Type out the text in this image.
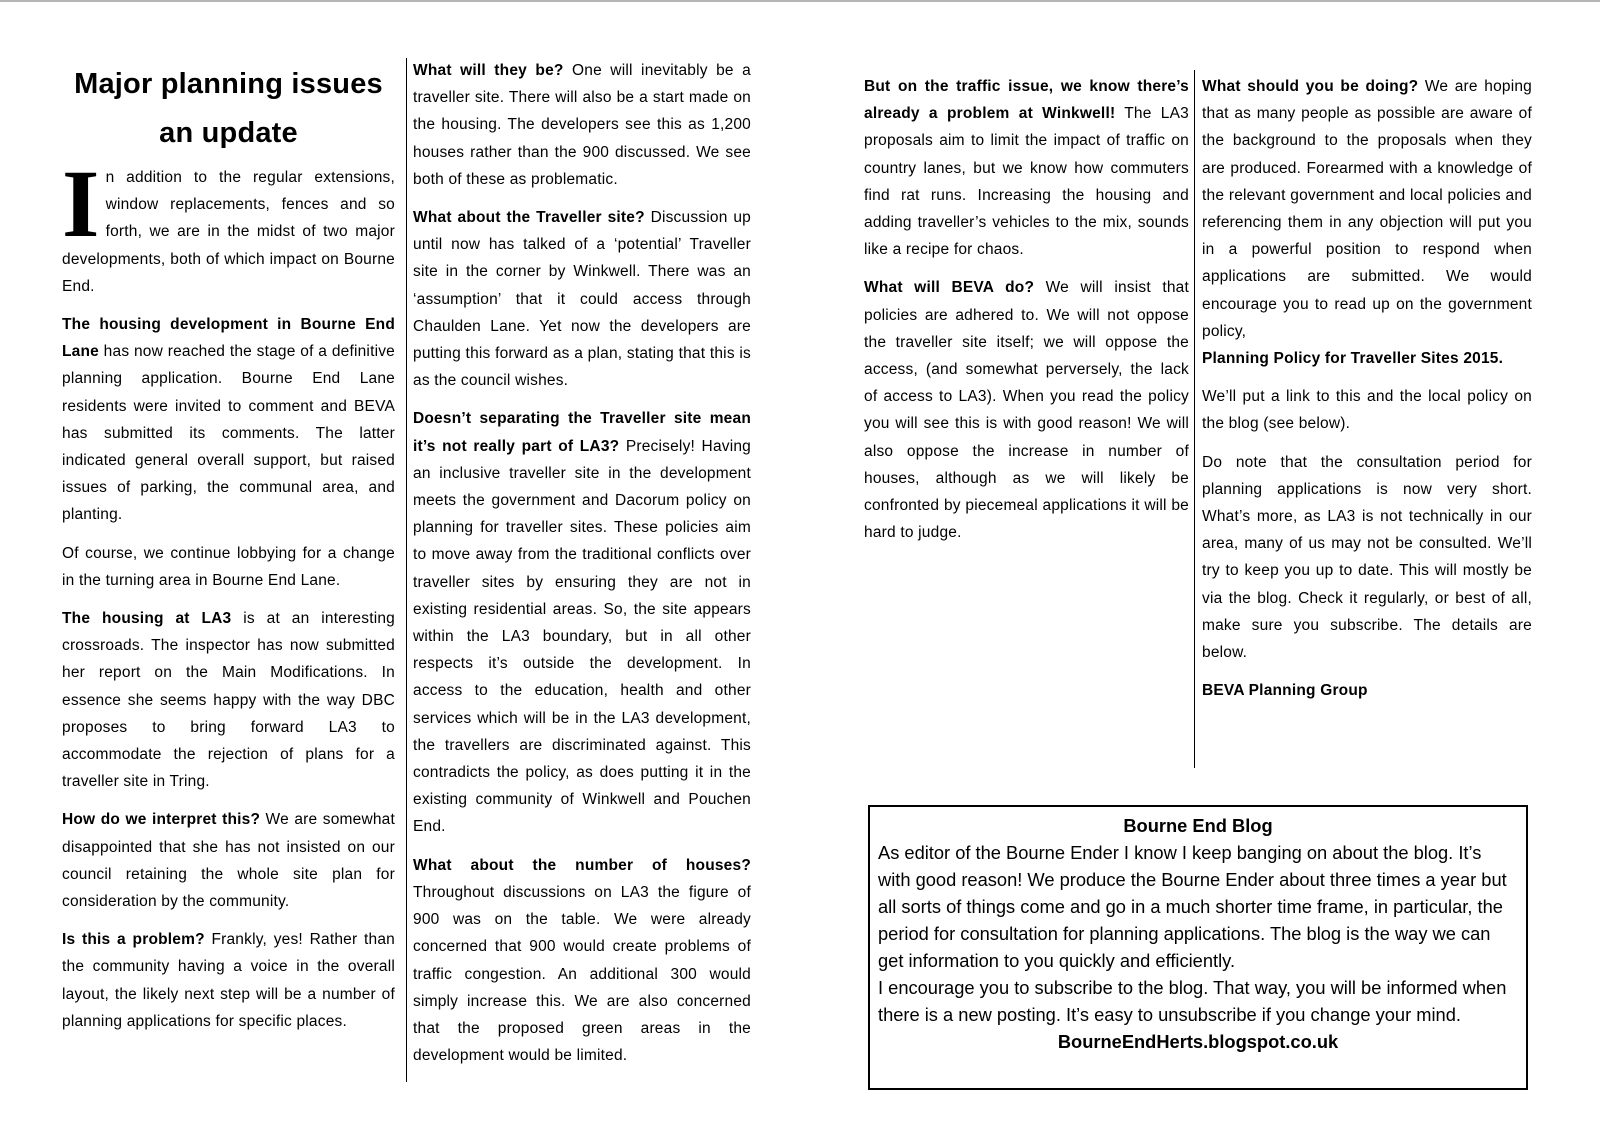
Major planning issues
an update

In addition to the regular extensions, window replacements, fences and so forth, we are in the midst of two major developments, both of which impact on Bourne End.

The housing development in Bourne End Lane has now reached the stage of a definitive planning application. Bourne End Lane residents were invited to comment and BEVA has submitted its comments. The latter indicated general overall support, but raised issues of parking, the communal area, and planting.

Of course, we continue lobbying for a change in the turning area in Bourne End Lane.

The housing at LA3 is at an interesting crossroads. The inspector has now submitted her report on the Main Modifications. In essence she seems happy with the way DBC proposes to bring forward LA3 to accommodate the rejection of plans for a traveller site in Tring.

How do we interpret this? We are somewhat disappointed that she has not insisted on our council retaining the whole site plan for consideration by the community.

Is this a problem? Frankly, yes! Rather than the community having a voice in the overall layout, the likely next step will be a number of planning applications for specific places.

What will they be? One will inevitably be a traveller site. There will also be a start made on the housing. The developers see this as 1,200 houses rather than the 900 discussed. We see both of these as problematic.

What about the Traveller site? Discussion up until now has talked of a ‘potential’ Traveller site in the corner by Winkwell. There was an ‘assumption’ that it could access through Chaulden Lane. Yet now the developers are putting this forward as a plan, stating that this is as the council wishes.

Doesn’t separating the Traveller site mean it’s not really part of LA3? Precisely! Having an inclusive traveller site in the development meets the government and Dacorum policy on planning for traveller sites. These policies aim to move away from the traditional conflicts over traveller sites by ensuring they are not in existing residential areas. So, the site appears within the LA3 boundary, but in all other respects it’s outside the development. In access to the education, health and other services which will be in the LA3 development, the travellers are discriminated against. This contradicts the policy, as does putting it in the existing community of Winkwell and Pouchen End.

What about the number of houses? Throughout discussions on LA3 the figure of 900 was on the table. We were already concerned that 900 would create problems of traffic congestion. An additional 300 would simply increase this. We are also concerned that the proposed green areas in the development would be limited.

But on the traffic issue, we know there’s already a problem at Winkwell! The LA3 proposals aim to limit the impact of traffic on country lanes, but we know how commuters find rat runs. Increasing the housing and adding traveller’s vehicles to the mix, sounds like a recipe for chaos.

What will BEVA do? We will insist that policies are adhered to. We will not oppose the traveller site itself; we will oppose the access, (and somewhat perversely, the lack of access to LA3). When you read the policy you will see this is with good reason! We will also oppose the increase in number of houses, although as we will likely be confronted by piecemeal applications it will be hard to judge.

What should you be doing? We are hoping that as many people as possible are aware of the background to the proposals when they are produced. Forearmed with a knowledge of the relevant government and local policies and referencing them in any objection will put you in a powerful position to respond when applications are submitted. We would encourage you to read up on the government policy,
Planning Policy for Traveller Sites 2015.

We’ll put a link to this and the local policy on the blog (see below).

Do note that the consultation period for planning applications is now very short. What’s more, as LA3 is not technically in our area, many of us may not be consulted. We’ll try to keep you up to date. This will mostly be via the blog. Check it regularly, or best of all, make sure you subscribe. The details are below.

BEVA Planning Group

Bourne End Blog
As editor of the Bourne Ender I know I keep banging on about the blog. It’s with good reason! We produce the Bourne Ender about three times a year but all sorts of things come and go in a much shorter time frame, in particular, the period for consultation for planning applications. The blog is the way we can get information to you quickly and efficiently.
I encourage you to subscribe to the blog. That way, you will be informed when there is a new posting. It’s easy to unsubscribe if you change your mind.
BourneEndHerts.blogspot.co.uk
